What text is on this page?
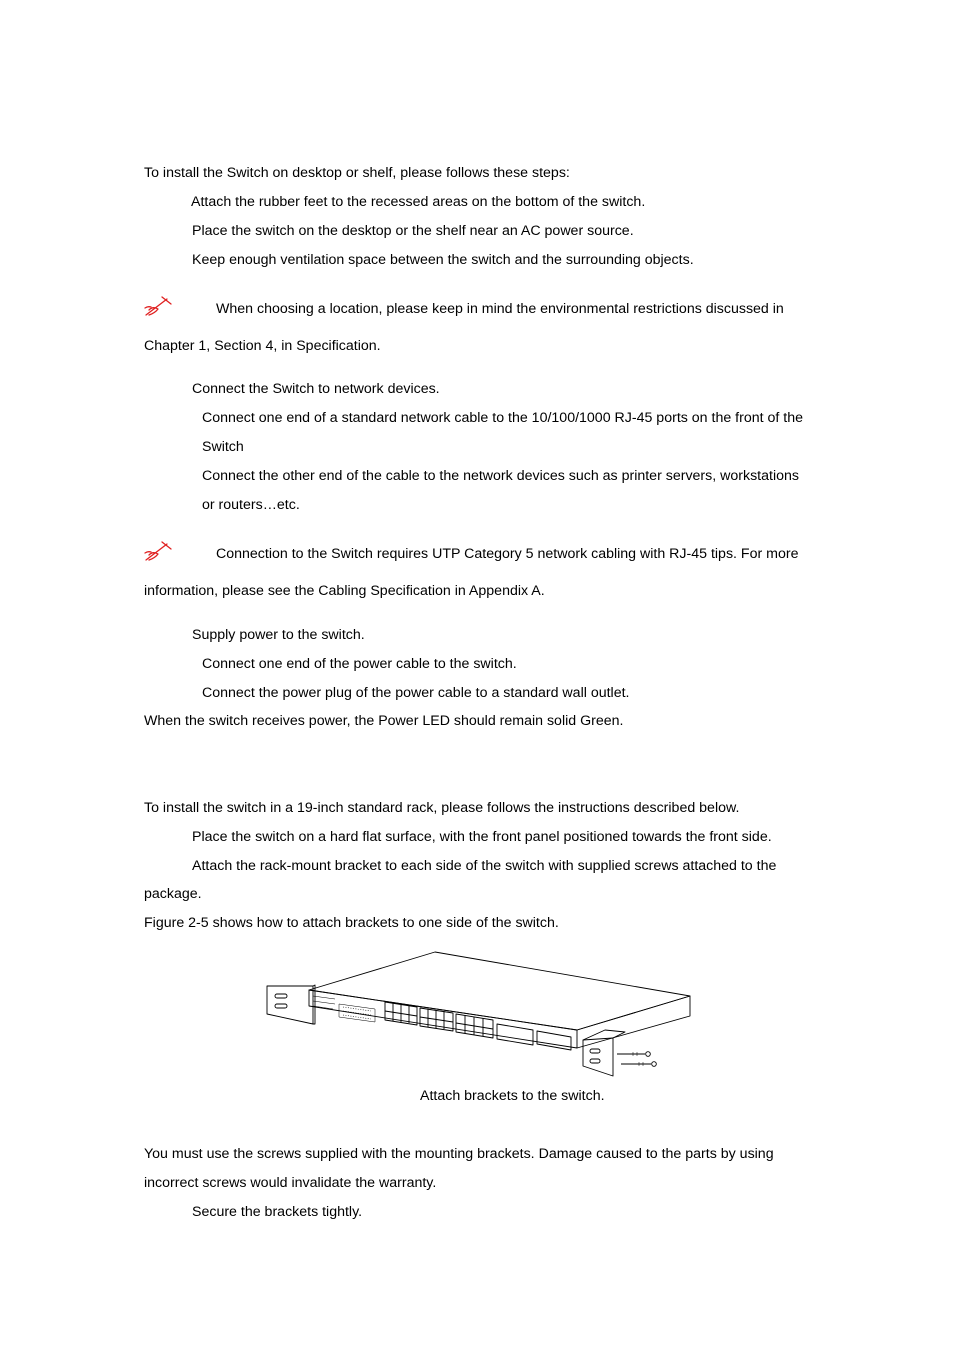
To install the Switch on desktop or shelf, please follows these steps:

Attach the rubber feet to the recessed areas on the bottom of the switch.

Place the switch on the desktop or the shelf near an AC power source.

Keep enough ventilation space between the switch and the surrounding objects.

When choosing a location, please keep in mind the environmental restrictions discussed in

Chapter 1, Section 4, in Specification.

Connect the Switch to network devices.

Connect one end of a standard network cable to the 10/100/1000 RJ-45 ports on the front of the

Switch

Connect the other end of the cable to the network devices such as printer servers, workstations

or routers…etc.

Connection to the Switch requires UTP Category 5 network cabling with RJ-45 tips. For more

information, please see the Cabling Specification in Appendix A.

Supply power to the switch.

Connect one end of the power cable to the switch.

Connect the power plug of the power cable to a standard wall outlet.

When the switch receives power, the Power LED should remain solid Green.

To install the switch in a 19-inch standard rack, please follows the instructions described below.

Place the switch on a hard flat surface, with the front panel positioned towards the front side.

Attach the rack-mount bracket to each side of the switch with supplied screws attached to the

package.

Figure 2-5 shows how to attach brackets to one side of the switch.

Attach brackets to the switch.

You must use the screws supplied with the mounting brackets. Damage caused to the parts by using

incorrect screws would invalidate the warranty.

Secure the brackets tightly.
